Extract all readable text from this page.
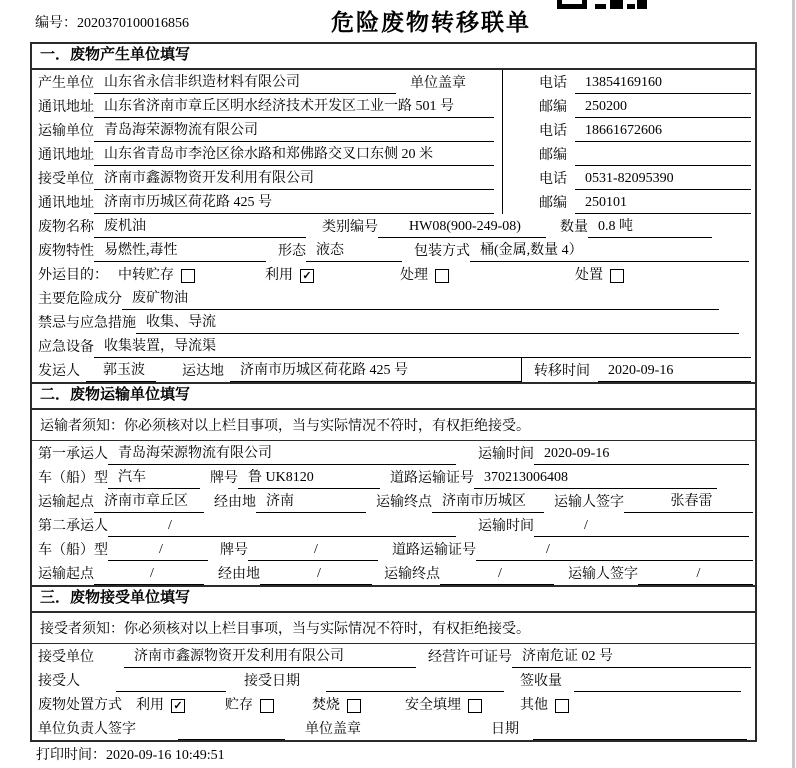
编号：2020370100016856	危险废物转移联单
一．废物产生单位填写
产生单位 山东省永信非织造材料有限公司	单位盖章	电话	13854169160
通讯地址 山东省济南市章丘区明水经济技术开发区工业一路 501 号	邮编	250200
运输单位 青岛海荣源物流有限公司	电话	18661672606
通讯地址 山东省青岛市李沧区徐水路和郑佛路交叉口东侧 20 米	邮编
接受单位 济南市鑫源物资开发利用有限公司	电话	0531-82095390
通讯地址 济南市历城区荷花路 425 号	邮编	250101
废物名称 废机油	类别编号	HW08(900-249-08)	数量 0.8 吨
废物特性 易燃性,毒性	形态 液态	包装方式 桶(金属,数量 4）
外运目的： 中转贮存	利用 ✓	处理	处置
主要危险成分 废矿物油
禁忌与应急措施 收集、导流
应急设备 收集装置，导流渠
发运人	郭玉波	运达地	济南市历城区荷花路 425 号	转移时间	2020-09-16
二．废物运输单位填写
运输者须知：你必须核对以上栏目事项，当与实际情况不符时，有权拒绝接受。
第一承运人 青岛海荣源物流有限公司	运输时间 2020-09-16
车（船）型 汽车	牌号 鲁 UK8120	道路运输证号 370213006408
运输起点 济南市章丘区	经由地 济南	运输终点 济南市历城区	运输人签字	张春雷
第二承运人	/	运输时间	/
车（船）型	/	牌号	/	道路运输证号	/
运输起点	/	经由地	/	运输终点	/	运输人签字	/
三．废物接受单位填写
接受者须知：你必须核对以上栏目事项，当与实际情况不符时，有权拒绝接受。
接受单位	济南市鑫源物资开发利用有限公司	经营许可证号 济南危证 02 号
接受人	接受日期	签收量
废物处置方式 利用 ✓	贮存	焚烧	安全填埋	其他
单位负责人签字	单位盖章	日期
打印时间：2020-09-16 10:49:51
